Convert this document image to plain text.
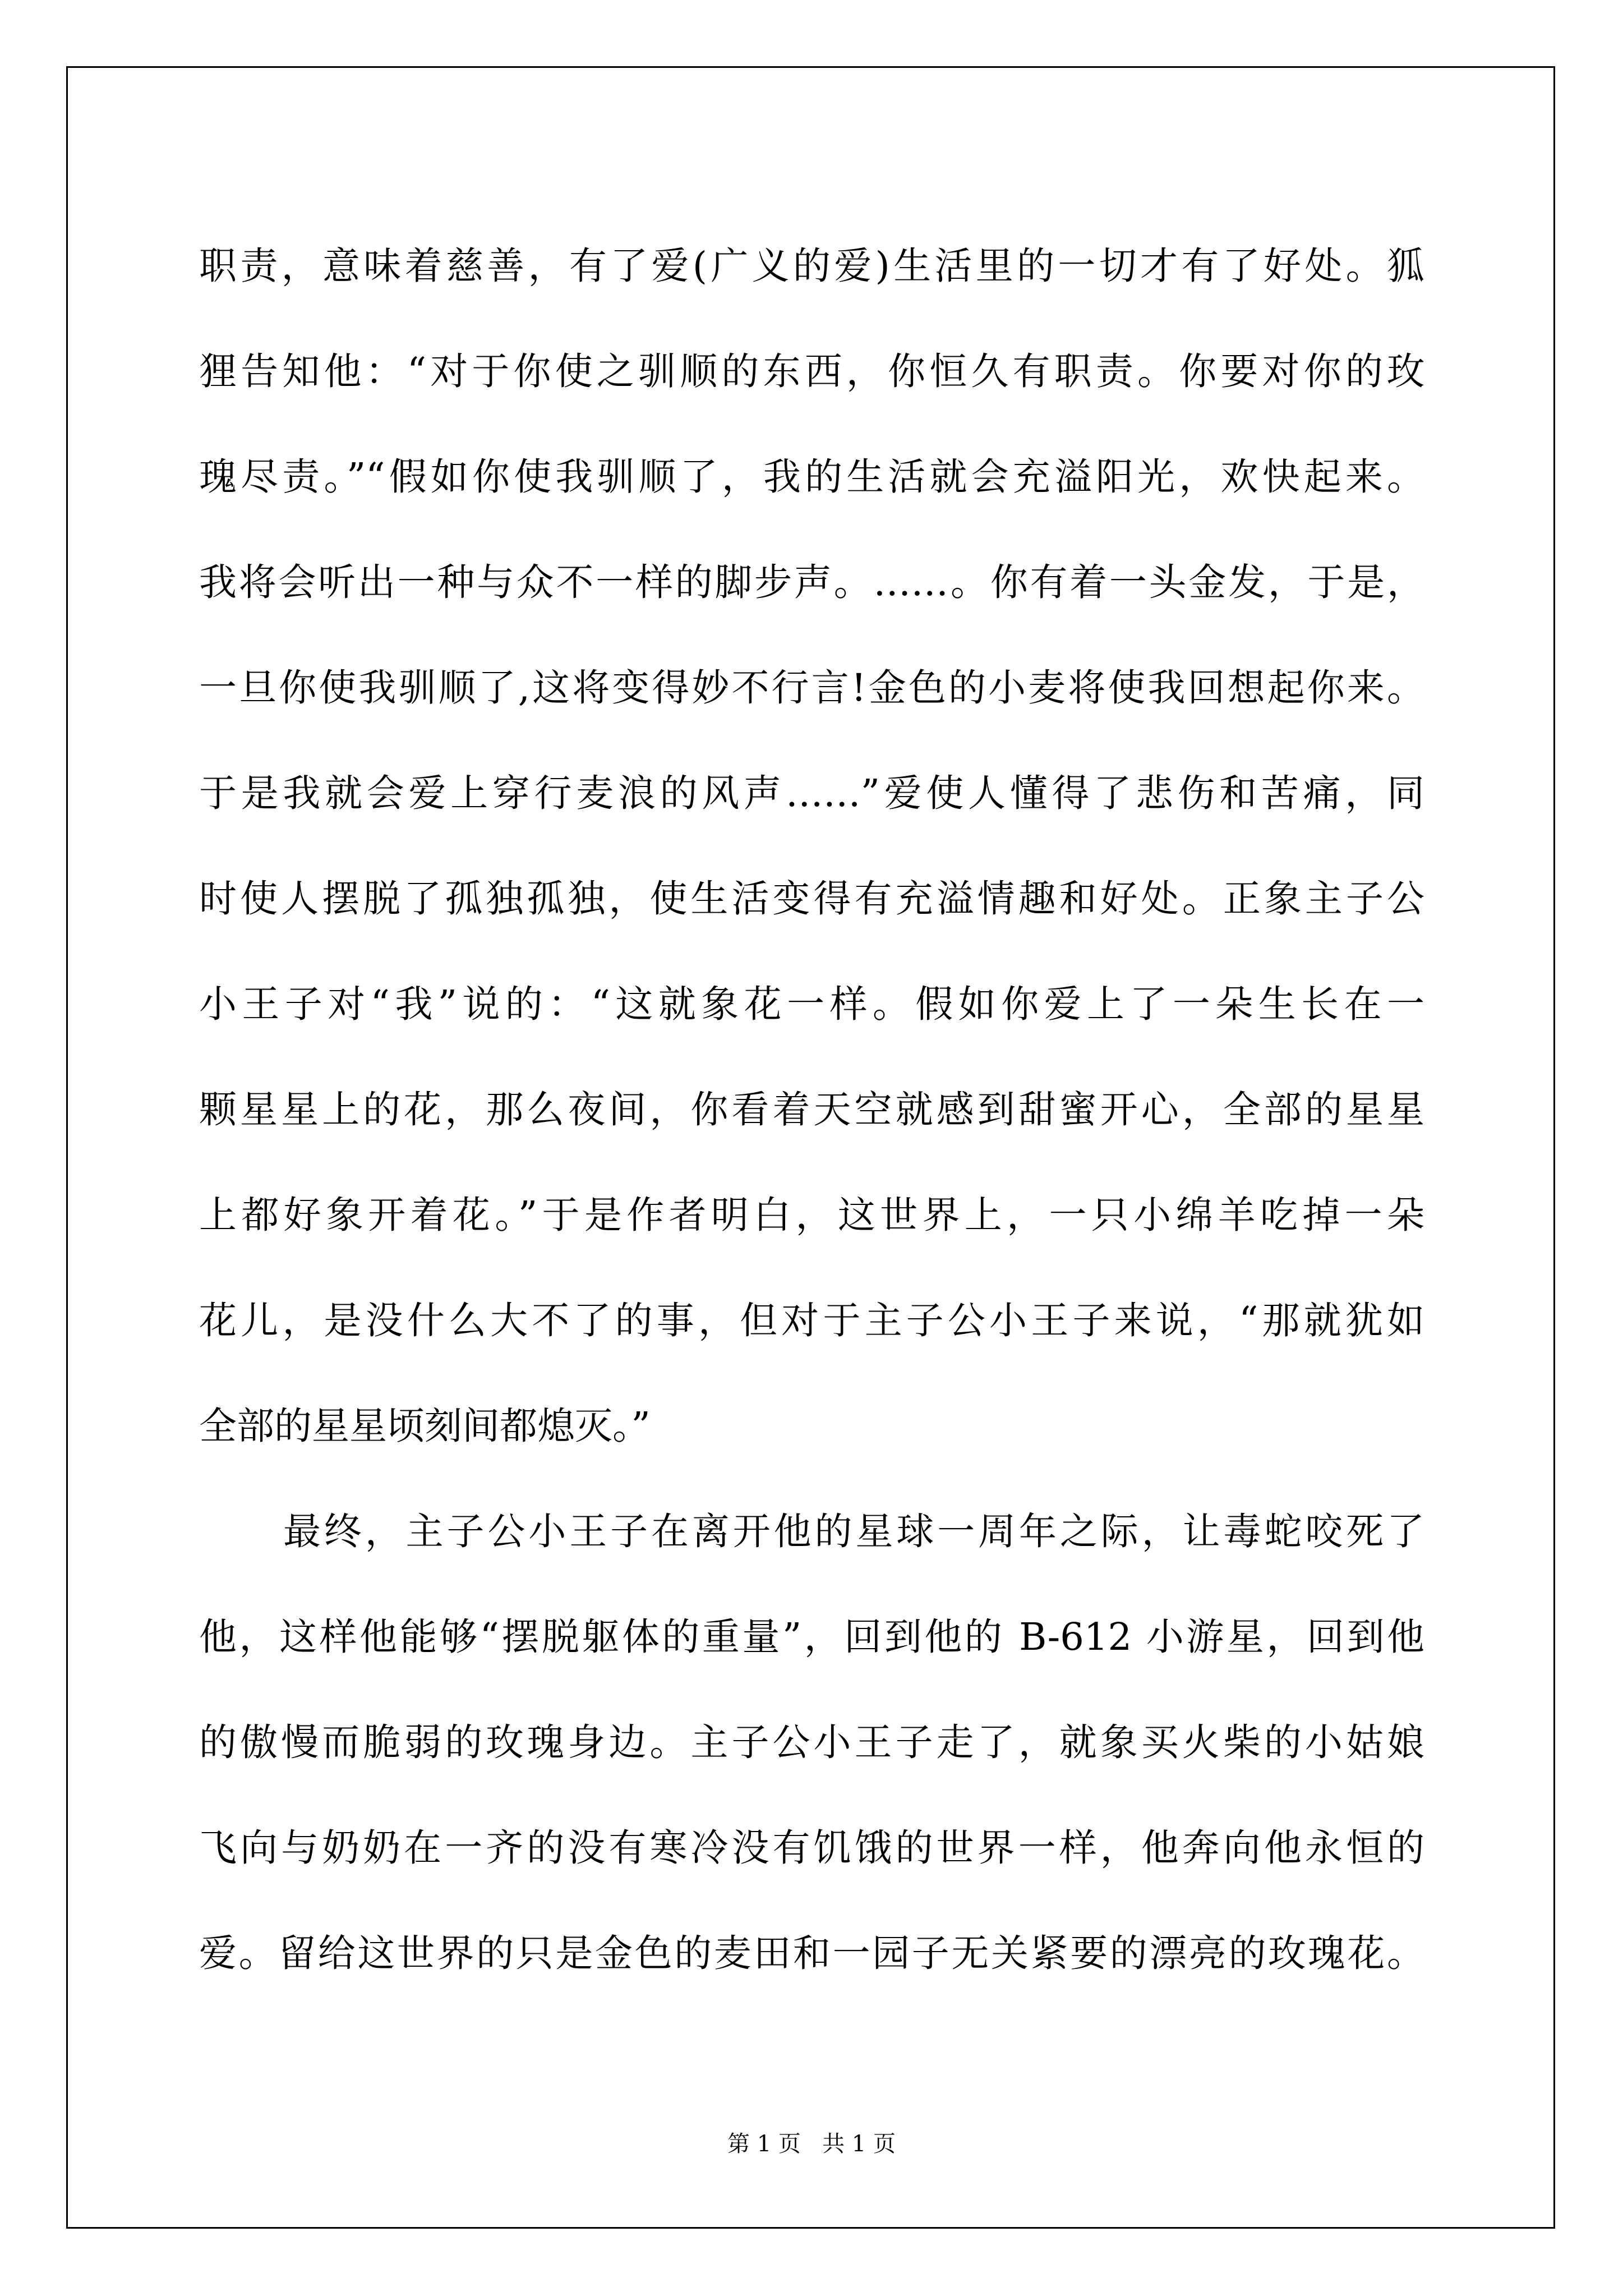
职责，意味着慈善，有了爱(广义的爱)生活里的一切才有了好处。狐
狸告知他：“对于你使之驯顺的东西，你恒久有职责。你要对你的玫
瑰尽责。”“假如你使我驯顺了，我的生活就会充溢阳光，欢快起来。
我将会听出一种与众不一样的脚步声。……。你有着一头金发，于是，
一旦你使我驯顺了,这将变得妙不行言!金色的小麦将使我回想起你来。
于是我就会爱上穿行麦浪的风声……”爱使人懂得了悲伤和苦痛，同
时使人摆脱了孤独孤独，使生活变得有充溢情趣和好处。正象主子公
小王子对“我”说的：“这就象花一样。假如你爱上了一朵生长在一
颗星星上的花，那么夜间，你看着天空就感到甜蜜开心，全部的星星
上都好象开着花。”于是作者明白，这世界上，一只小绵羊吃掉一朵
花儿，是没什么大不了的事，但对于主子公小王子来说，“那就犹如
全部的星星顷刻间都熄灭。”
最终，主子公小王子在离开他的星球一周年之际，让毒蛇咬死了
他，这样他能够“摆脱躯体的重量”，回到他的 B-612 小游星，回到他
的傲慢而脆弱的玫瑰身边。主子公小王子走了，就象买火柴的小姑娘
飞向与奶奶在一齐的没有寒冷没有饥饿的世界一样，他奔向他永恒的
爱。留给这世界的只是金色的麦田和一园子无关紧要的漂亮的玫瑰花。
第 1 页   共 1 页
